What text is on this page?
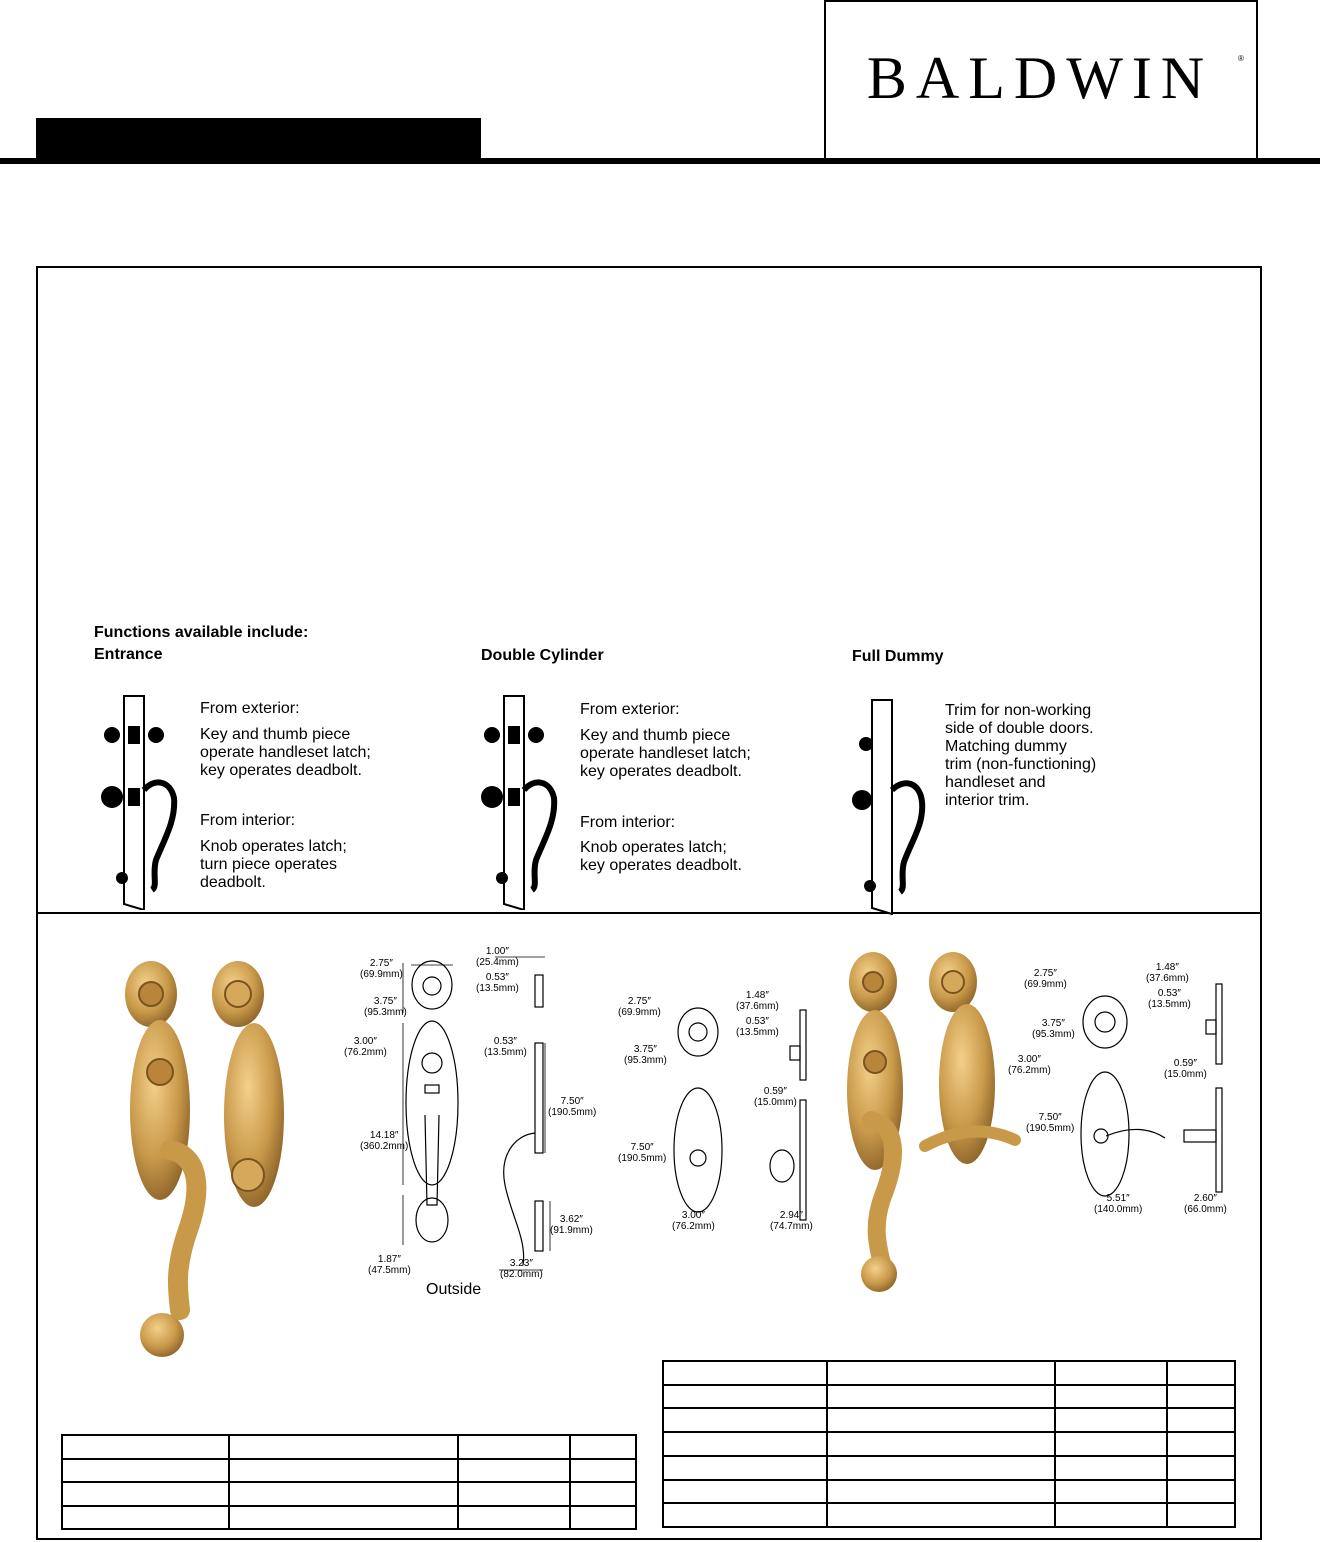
BALDWIN	®
Functions available include:
Entrance	Double Cylinder	Full Dummy
From exterior:
Key and thumb piece
operate handleset latch;
key operates deadbolt.
From interior:
Knob operates latch;
turn piece operates
deadbolt.
From exterior:
Key and thumb piece
operate handleset latch;
key operates deadbolt.
From interior:
Knob operates latch;
key operates deadbolt.
Trim for non-working
side of double doors.
Matching dummy
trim (non-functioning)
handleset and
interior trim.
2.75″
(69.9mm)
3.75″
(95.3mm)
3.00″
(76.2mm)
14.18″
(360.2mm)
1.87″
(47.5mm)
1.00″
(25.4mm)
0.53″
(13.5mm)
0.53″
(13.5mm)
7.50″
(190.5mm)
3.62″
(91.9mm)
3.23″
(82.0mm)
Outside
2.75″
(69.9mm)
3.75″
(95.3mm)
7.50″
(190.5mm)
3.00″
(76.2mm)
1.48″
(37.6mm)
0.53″
(13.5mm)
0.59″
(15.0mm)
2.94″
(74.7mm)
2.75″
(69.9mm)
3.75″
(95.3mm)
3.00″
(76.2mm)
7.50″
(190.5mm)
5.51″
(140.0mm)
1.48″
(37.6mm)
0.53″
(13.5mm)
0.59″
(15.0mm)
2.60″
(66.0mm)
